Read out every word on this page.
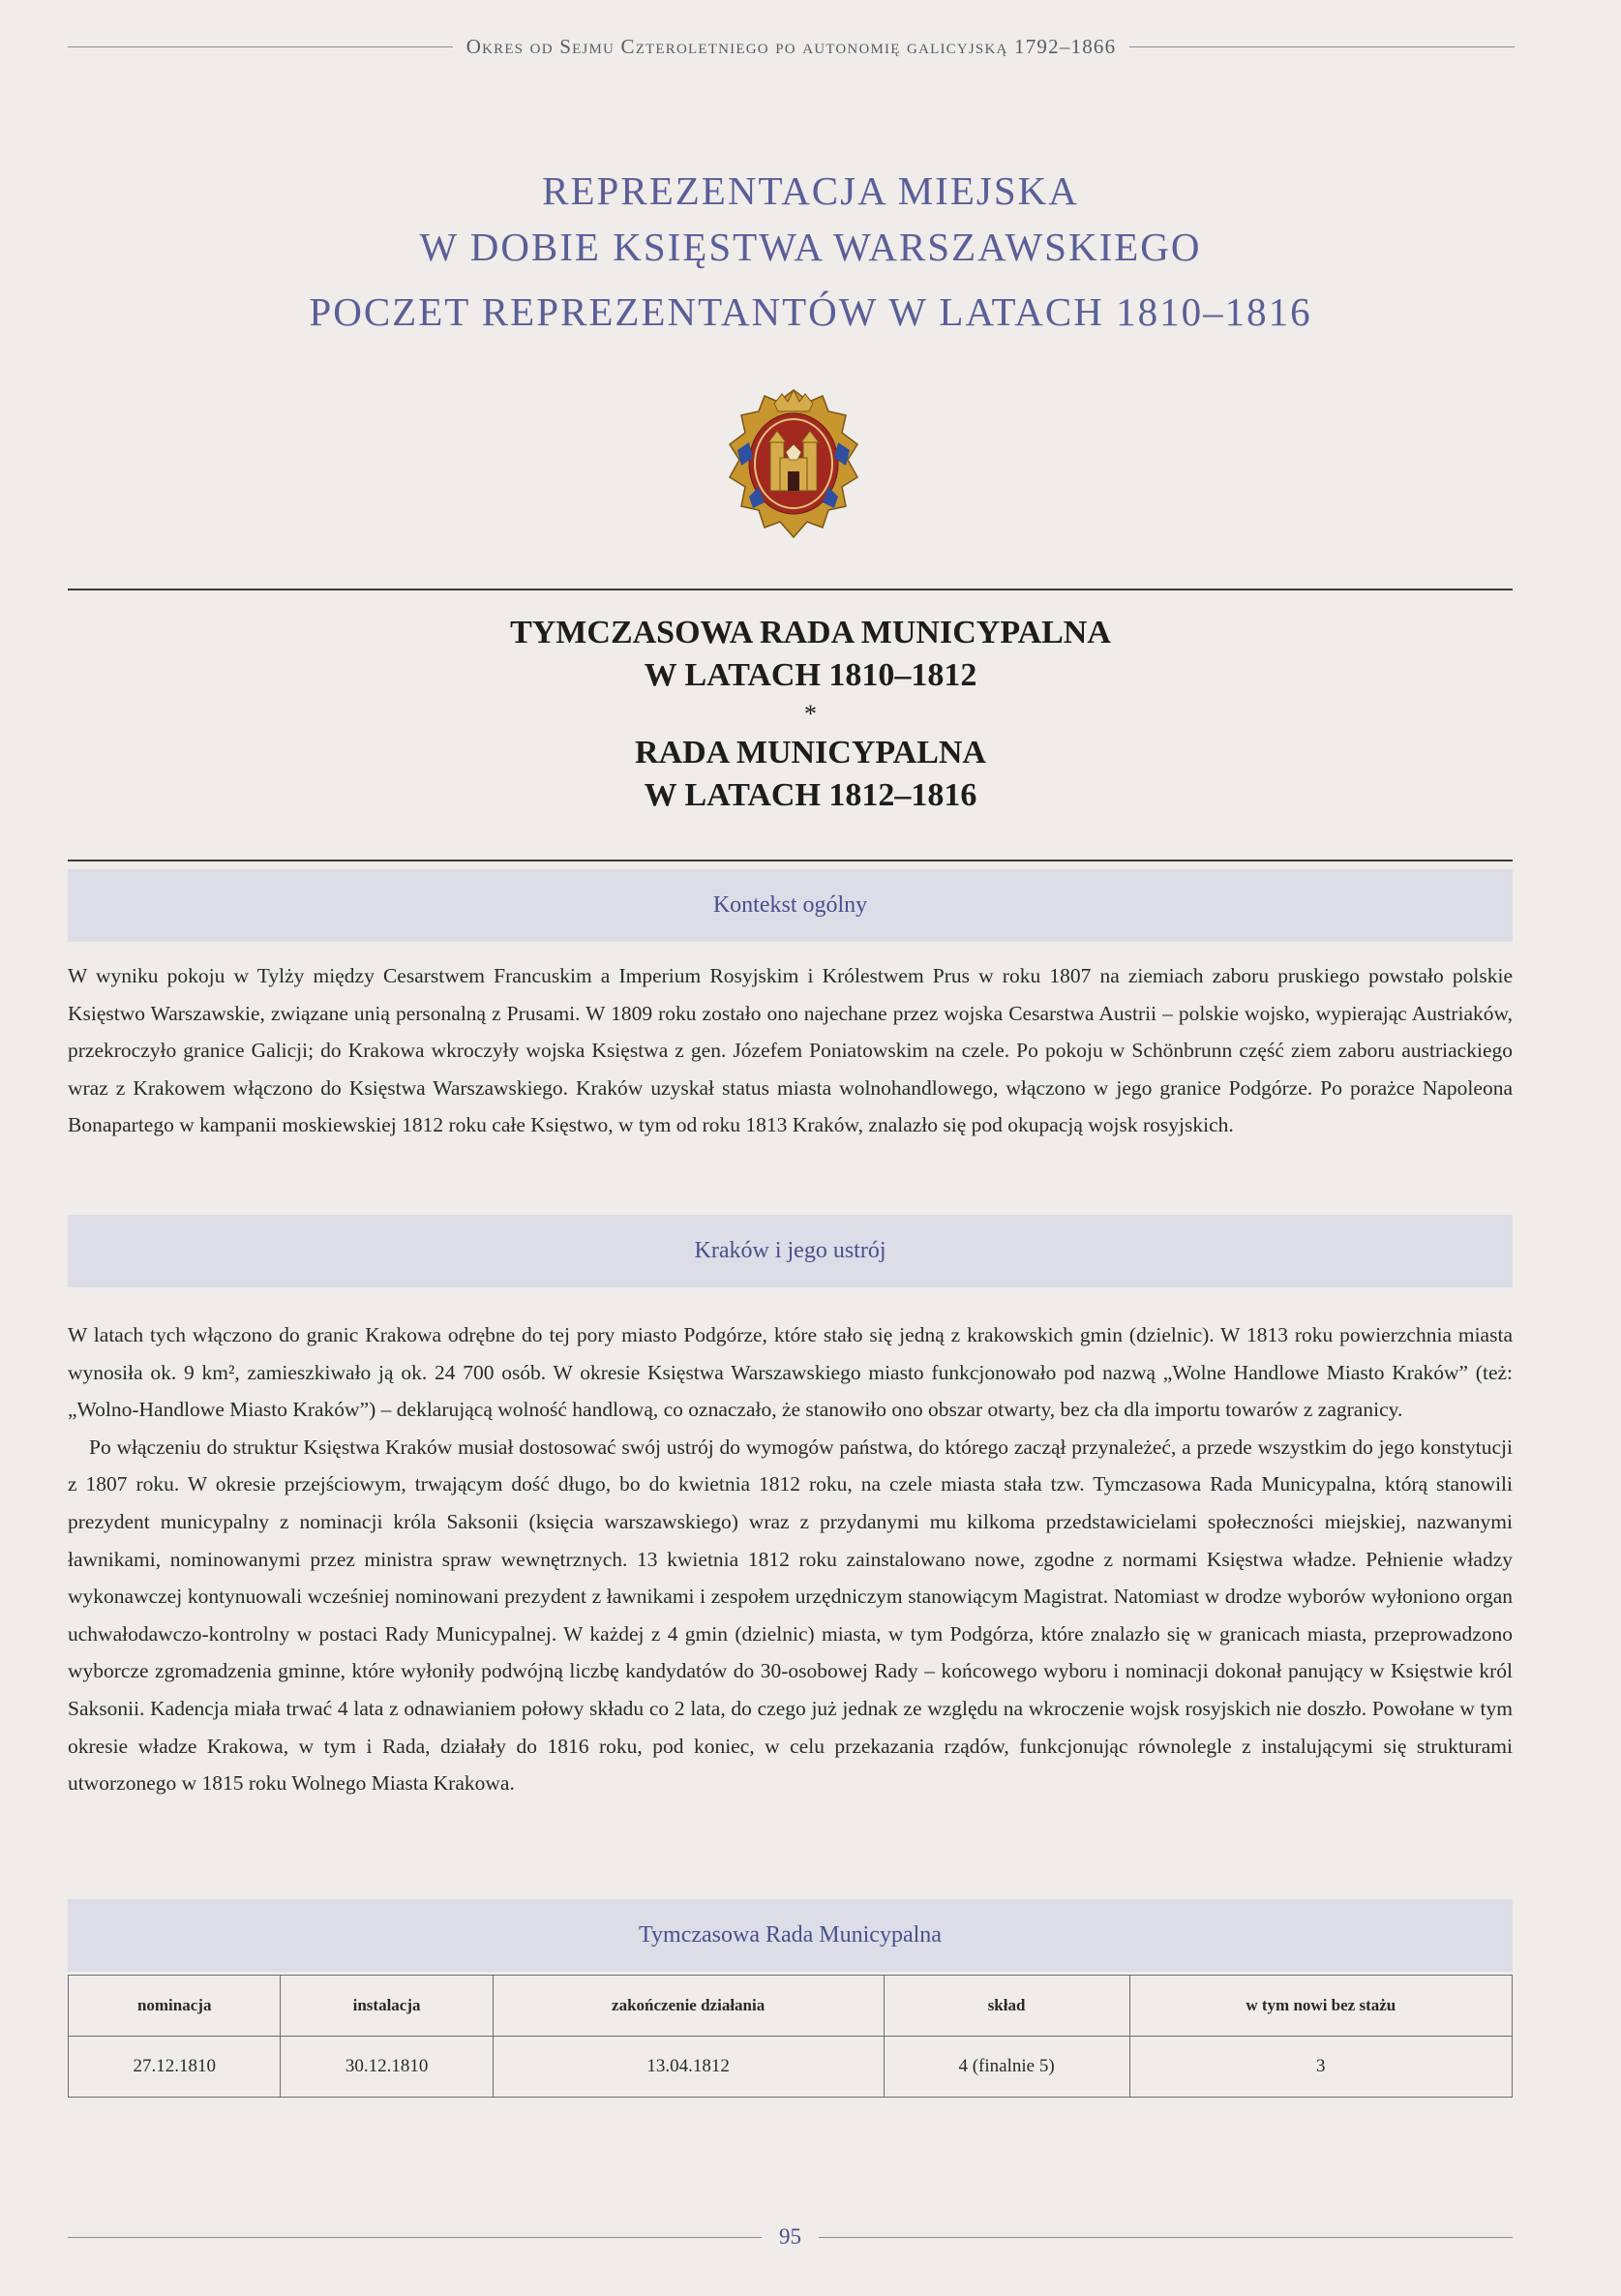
Okres od Sejmu Czteroletniego po autonomię galicyjską 1792–1866
REPREZENTACJA MIEJSKA
W DOBIE KSIĘSTWA WARSZAWSKIEGO
POCZET REPREZENTANTÓW W LATACH 1810–1816
TYMCZASOWA RADA MUNICYPALNA
W LATACH 1810–1812
*
RADA MUNICYPALNA
W LATACH 1812–1816
Kontekst ogólny

W wyniku pokoju w Tylży między Cesarstwem Francuskim a Imperium Rosyjskim i Królestwem Prus w roku 1807 na ziemiach zaboru pruskiego powstało polskie Księstwo Warszawskie, związane unią personalną z Prusami. W 1809 roku zostało ono najechane przez wojska Cesarstwa Austrii – polskie wojsko, wypierając Austriaków, przekroczyło granice Galicji; do Krakowa wkroczyły wojska Księstwa z gen. Józefem Poniatowskim na czele. Po pokoju w Schönbrunn część ziem zaboru austriackiego wraz z Krakowem włączono do Księstwa Warszawskiego. Kraków uzyskał status miasta wolnohandlowego, włączono w jego granice Podgórze. Po porażce Napoleona Bonapartego w kampanii moskiewskiej 1812 roku całe Księstwo, w tym od roku 1813 Kraków, znalazło się pod okupacją wojsk rosyjskich.

Kraków i jego ustrój

W latach tych włączono do granic Krakowa odrębne do tej pory miasto Podgórze, które stało się jedną z krakowskich gmin (dzielnic). W 1813 roku powierzchnia miasta wynosiła ok. 9 km², zamieszkiwało ją ok. 24 700 osób. W okresie Księstwa Warszawskiego miasto funkcjonowało pod nazwą „Wolne Handlowe Miasto Kraków” (też: „Wolno-Handlowe Miasto Kraków”) – deklarującą wolność handlową, co oznaczało, że stanowiło ono obszar otwarty, bez cła dla importu towarów z zagranicy.

Po włączeniu do struktur Księstwa Kraków musiał dostosować swój ustrój do wymogów państwa, do którego zaczął przynależeć, a przede wszystkim do jego konstytucji z 1807 roku. W okresie przejściowym, trwającym dość długo, bo do kwietnia 1812 roku, na czele miasta stała tzw. Tymczasowa Rada Municypalna, którą stanowili prezydent municypalny z nominacji króla Saksonii (księcia warszawskiego) wraz z przydanymi mu kilkoma przedstawicielami społeczności miejskiej, nazwanymi ławnikami, nominowanymi przez ministra spraw wewnętrznych. 13 kwietnia 1812 roku zainstalowano nowe, zgodne z normami Księstwa władze. Pełnienie władzy wykonawczej kontynuowali wcześniej nominowani prezydent z ławnikami i zespołem urzędniczym stanowiącym Magistrat. Natomiast w drodze wyborów wyłoniono organ uchwałodawczo-kontrolny w postaci Rady Municypalnej. W każdej z 4 gmin (dzielnic) miasta, w tym Podgórza, które znalazło się w granicach miasta, przeprowadzono wyborcze zgromadzenia gminne, które wyłoniły podwójną liczbę kandydatów do 30-osobowej Rady – końcowego wyboru i nominacji dokonał panujący w Księstwie król Saksonii. Kadencja miała trwać 4 lata z odnawianiem połowy składu co 2 lata, do czego już jednak ze względu na wkroczenie wojsk rosyjskich nie doszło. Powołane w tym okresie władze Krakowa, w tym i Rada, działały do 1816 roku, pod koniec, w celu przekazania rządów, funkcjonując równolegle z instalującymi się strukturami utworzonego w 1815 roku Wolnego Miasta Krakowa.

Tymczasowa Rada Municypalna
nominacja	instalacja	zakończenie działania	skład	w tym nowi bez stażu
27.12.1810	30.12.1810	13.04.1812	4 (finalnie 5)	3
95
